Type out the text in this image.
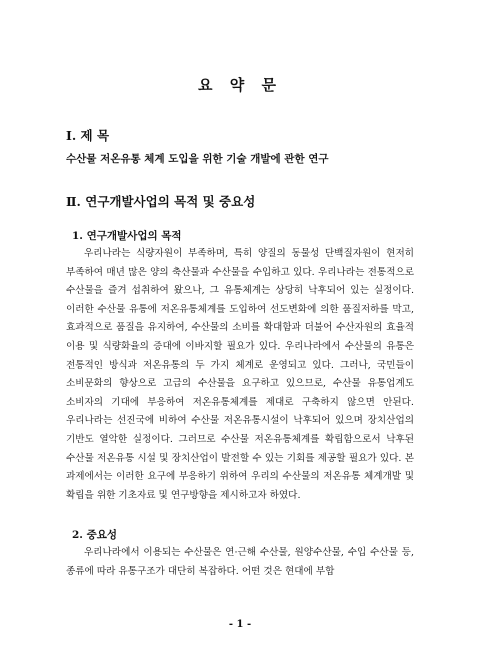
요 약 문
Ⅰ. 제 목
수산물 저온유통 체계 도입을 위한 기술 개발에 관한 연구
Ⅱ. 연구개발사업의 목적 및 중요성
1. 연구개발사업의 목적

우리나라는 식량자원이 부족하며, 특히 양질의 동물성 단백질자원이 현저히 부족하여 매년 많은 양의 축산물과 수산물을 수입하고 있다. 우리나라는 전통적으로 수산물을 즐겨 섭취하여 왔으나, 그 유통체계는 상당히 낙후되어 있는 실정이다. 이러한 수산물 유통에 저온유통체계를 도입하여 선도변화에 의한 품질저하를 막고, 효과적으로 품질을 유지하여, 수산물의 소비를 확대함과 더불어 수산자원의 효율적 이용 및 식량화율의 증대에 이바지할 필요가 있다. 우리나라에서 수산물의 유통은 전통적인 방식과 저온유통의 두 가지 체계로 운영되고 있다. 그러나, 국민들이 소비문화의 향상으로 고급의 수산물을 요구하고 있으므로, 수산물 유통업계도 소비자의 기대에 부응하여 저온유통체계를 제대로 구축하지 않으면 안된다. 우리나라는 선진국에 비하여 수산물 저온유통시설이 낙후되어 있으며 장치산업의 기반도 열악한 실정이다. 그러므로 수산물 저온유통체계를 확립함으로서 낙후된 수산물 저온유통 시설 및 장치산업이 발전할 수 있는 기회를 제공할 필요가 있다. 본 과제에서는 이러한 요구에 부응하기 위하여 우리의 수산물의 저온유통 체계개발 및 확립을 위한 기초자료 및 연구방향을 제시하고자 하였다.

2. 중요성

우리나라에서 이용되는 수산물은 연·근해 수산물, 원양수산물, 수입 수산물 등, 종류에 따라 유통구조가 대단히 복잡하다. 어떤 것은 현대에 부합

- 1 -
